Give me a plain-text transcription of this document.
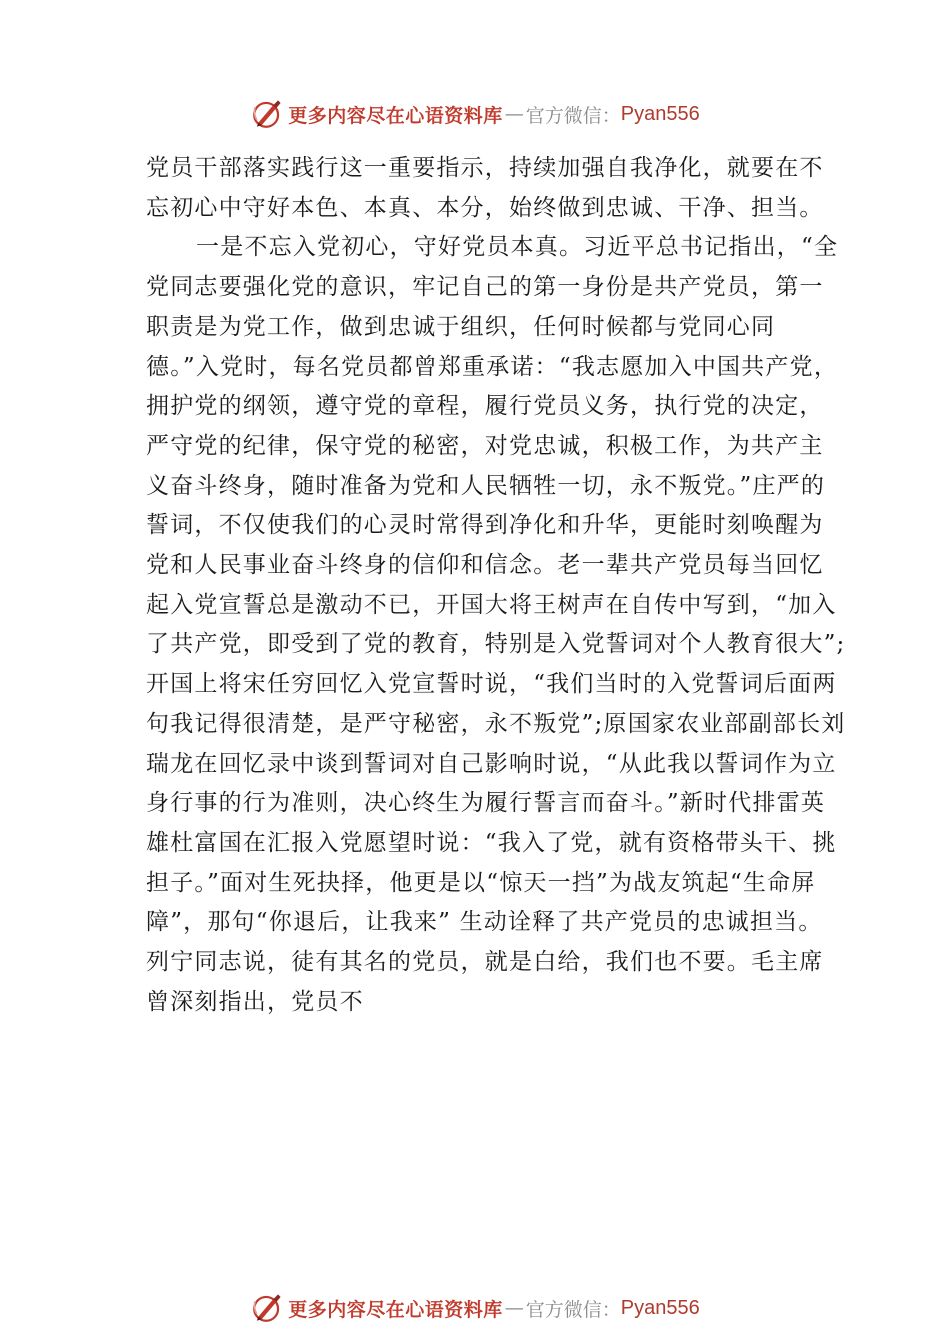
更多内容尽在心语资料库 — 官方微信： Pyan556

党员干部落实践行这一重要指示，持续加强自我净化，就要在不忘初心中守好本色、本真、本分，始终做到忠诚、干净、担当。

一是不忘入党初心，守好党员本真。习近平总书记指出，“全党同志要强化党的意识，牢记自己的第一身份是共产党员，第一职责是为党工作，做到忠诚于组织，任何时候都与党同心同德。”入党时，每名党员都曾郑重承诺：“我志愿加入中国共产党，拥护党的纲领，遵守党的章程，履行党员义务，执行党的决定，严守党的纪律，保守党的秘密，对党忠诚，积极工作，为共产主义奋斗终身，随时准备为党和人民牺牲一切，永不叛党。”庄严的誓词，不仅使我们的心灵时常得到净化和升华，更能时刻唤醒为党和人民事业奋斗终身的信仰和信念。老一辈共产党员每当回忆起入党宣誓总是激动不已，开国大将王树声在自传中写到，“加入了共产党，即受到了党的教育，特别是入党誓词对个人教育很大”;开国上将宋任穷回忆入党宣誓时说，“我们当时的入党誓词后面两句我记得很清楚，是严守秘密，永不叛党”;原国家农业部副部长刘瑞龙在回忆录中谈到誓词对自己影响时说，“从此我以誓词作为立身行事的行为准则，决心终生为履行誓言而奋斗。”新时代排雷英雄杜富国在汇报入党愿望时说：“我入了党，就有资格带头干、挑担子。”面对生死抉择，他更是以“惊天一挡”为战友筑起“生命屏障”，那句“你退后，让我来” 生动诠释了共产党员的忠诚担当。列宁同志说，徒有其名的党员，就是白给，我们也不要。毛主席曾深刻指出，党员不

更多内容尽在心语资料库 — 官方微信： Pyan556
